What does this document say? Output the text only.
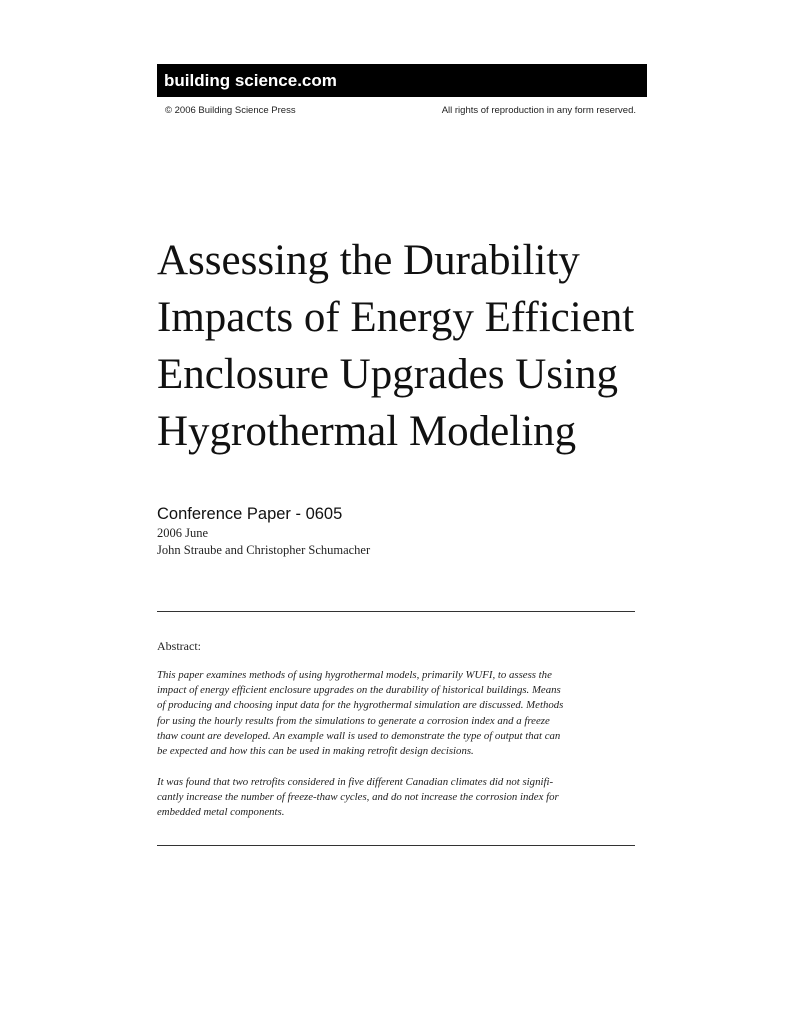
building science.com
© 2006 Building Science Press	All rights of reproduction in any form reserved.
Assessing the Durability
Impacts of Energy Efficient
Enclosure Upgrades Using
Hygrothermal Modeling
Conference Paper - 0605
2006 June
John Straube and Christopher Schumacher
Abstract:
This paper examines methods of using hygrothermal models, primarily WUFI, to assess the
impact of energy efficient enclosure upgrades on the durability of historical buildings. Means
of producing and choosing input data for the hygrothermal simulation are discussed. Methods
for using the hourly results from the simulations to generate a corrosion index and a freeze
thaw count are developed. An example wall is used to demonstrate the type of output that can
be expected and how this can be used in making retrofit design decisions.
It was found that two retrofits considered in five different Canadian climates did not signifi-
cantly increase the number of freeze-thaw cycles, and do not increase the corrosion index for
embedded metal components.
